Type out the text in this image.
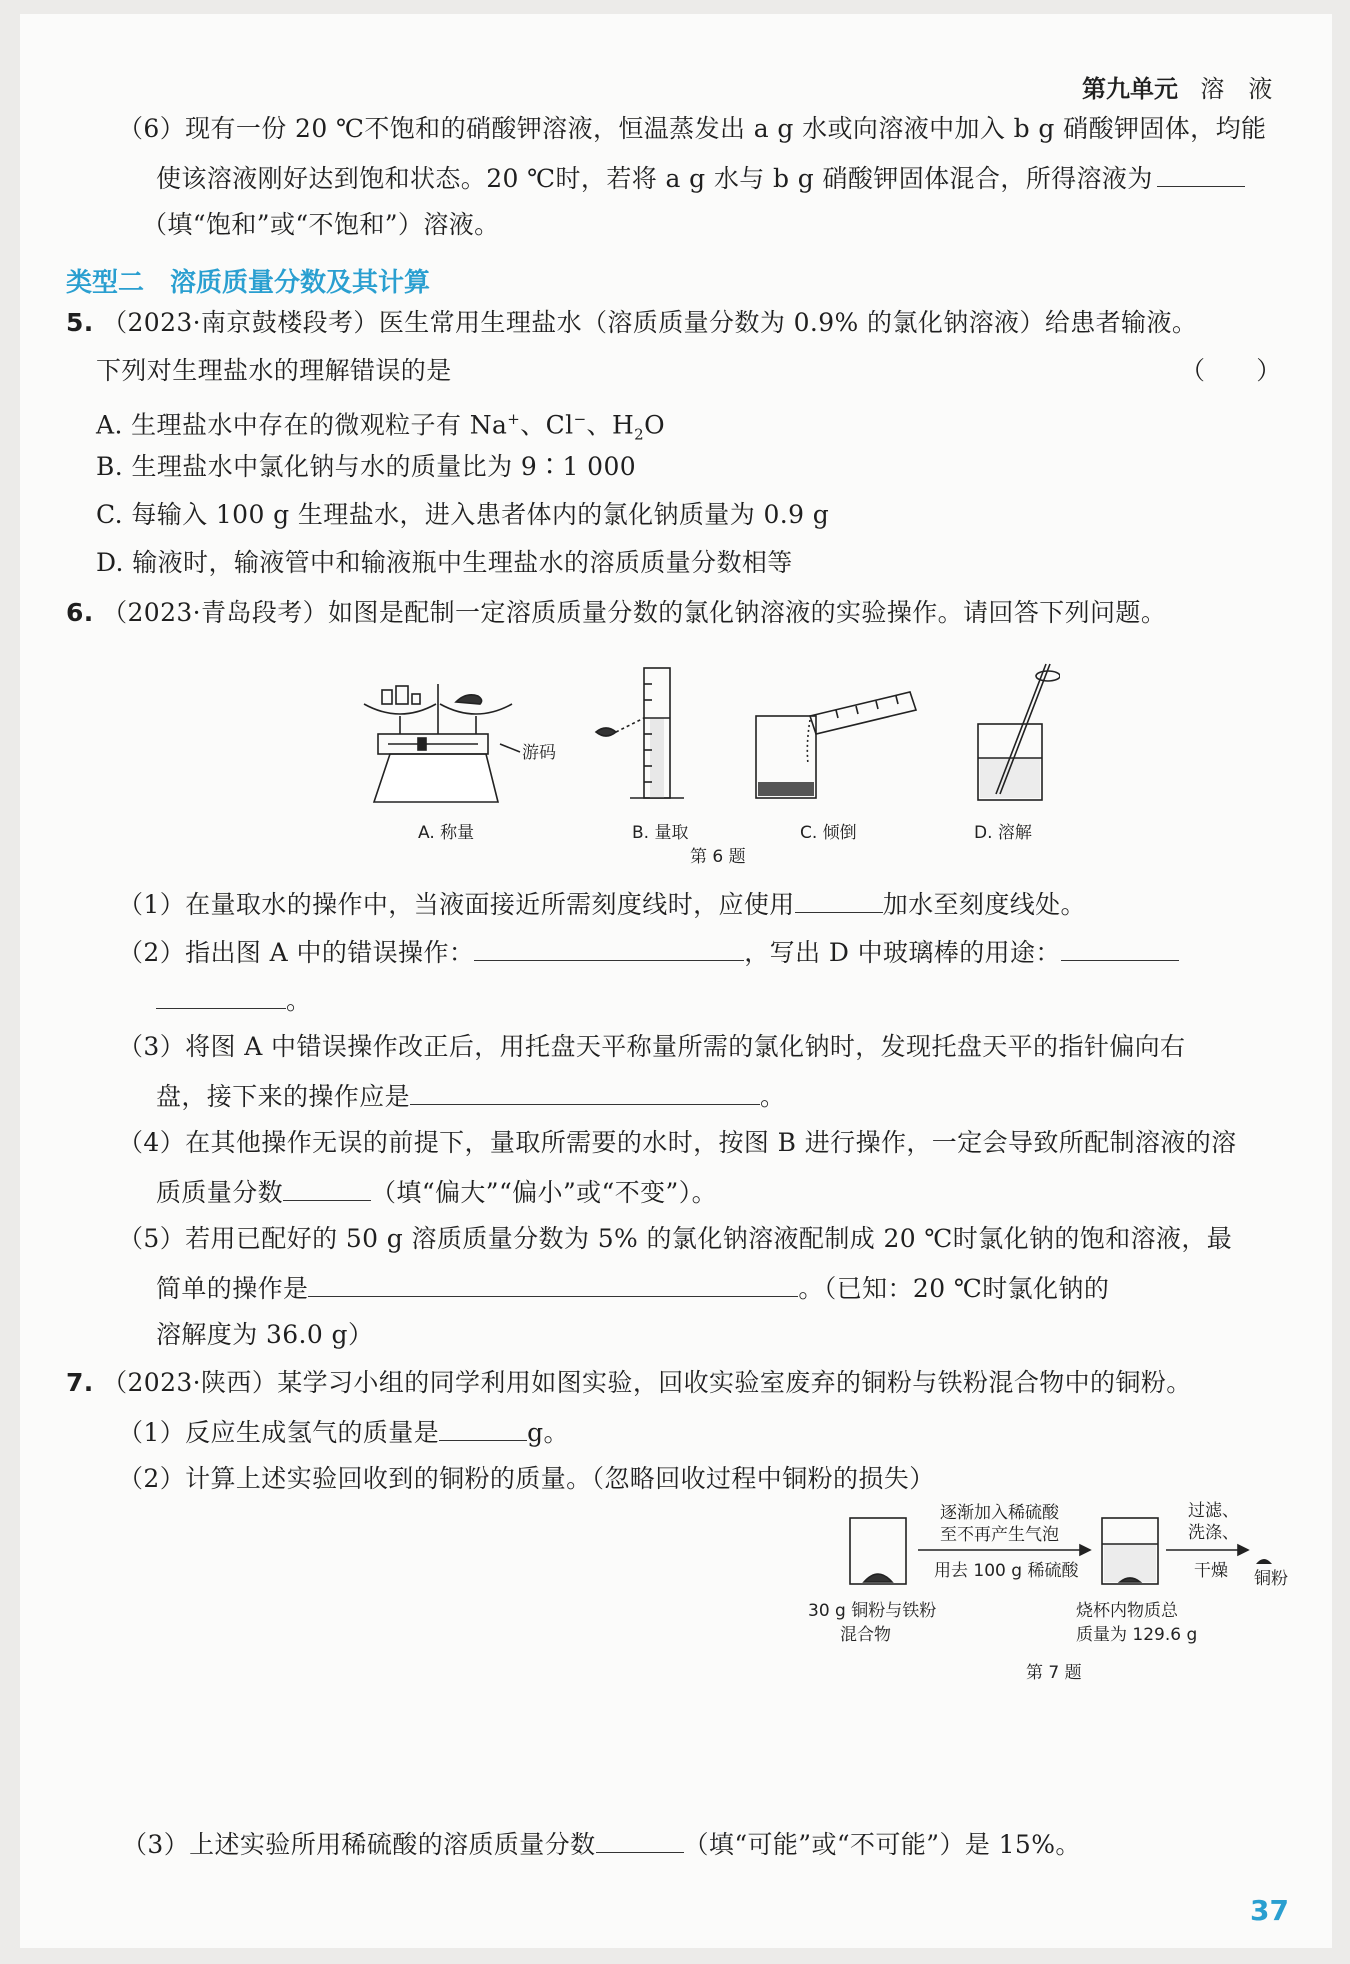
第九单元 溶　液
（6）现有一份 20 ℃不饱和的硝酸钾溶液，恒温蒸发出 a g 水或向溶液中加入 b g 硝酸钾固体，均能
使该溶液刚好达到饱和状态。20 ℃时，若将 a g 水与 b g 硝酸钾固体混合，所得溶液为
（填“饱和”或“不饱和”）溶液。
类型二　溶质质量分数及其计算
5. （2023·南京鼓楼段考）医生常用生理盐水（溶质质量分数为 0.9% 的氯化钠溶液）给患者输液。
下列对生理盐水的理解错误的是	（　　）
A. 生理盐水中存在的微观粒子有 Na+、Cl−、$H_2O$
B. 生理盐水中氯化钠与水的质量比为 9∶1 000
C. 每输入 100 g 生理盐水，进入患者体内的氯化钠质量为 0.9 g
D. 输液时，输液管中和输液瓶中生理盐水的溶质质量分数相等
6. （2023·青岛段考）如图是配制一定溶质质量分数的氯化钠溶液的实验操作。请回答下列问题。
游码
A. 称量	B. 量取	C. 倾倒	D. 溶解
第 6 题
（1）在量取水的操作中，当液面接近所需刻度线时，应使用	加水至刻度线处。
（2）指出图 A 中的错误操作：	，写出 D 中玻璃棒的用途：
。
（3）将图 A 中错误操作改正后，用托盘天平称量所需的氯化钠时，发现托盘天平的指针偏向右
盘，接下来的操作应是	。
（4）在其他操作无误的前提下，量取所需要的水时，按图 B 进行操作，一定会导致所配制溶液的溶
质质量分数	（填“偏大”“偏小”或“不变”）。
（5）若用已配好的 50 g 溶质质量分数为 5% 的氯化钠溶液配制成 20 ℃时氯化钠的饱和溶液，最
简单的操作是	。（已知：20 ℃时氯化钠的
溶解度为 36.0 g）
7. （2023·陕西）某学习小组的同学利用如图实验，回收实验室废弃的铜粉与铁粉混合物中的铜粉。
（1）反应生成氢气的质量是	g。
（2）计算上述实验回收到的铜粉的质量。（忽略回收过程中铜粉的损失）
逐渐加入稀硫酸
至不再产生气泡
用去 100 g 稀硫酸
过滤、
洗涤、
干燥 铜粉
30 g 铜粉与铁粉
混合物
烧杯内物质总
质量为 129.6 g
第 7 题
（3）上述实验所用稀硫酸的溶质质量分数	（填“可能”或“不可能”）是 15%。
37
